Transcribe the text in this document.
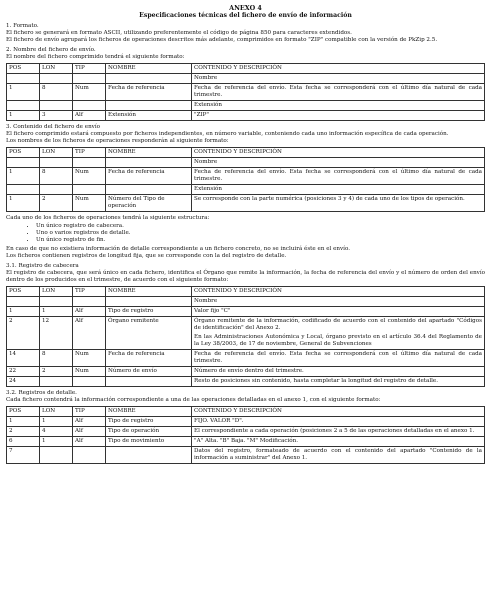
ANEXO 4
Especificaciones técnicas del fichero de envío de información

1. Formato.

El fichero se generará en formato ASCII, utilizando preferentemente el código de página 850 para caracteres extendidos.

El fichero de envío agrupará los ficheros de operaciones descritos más adelante, comprimidos en formato "ZIP" compatible con la versión de PkZip 2.5.

2. Nombre del fichero de envío.

El nombre del fichero comprimido tendrá el siguiente formato:

POS	LON	TIP	NOMBRE	CONTENIDO Y DESCRIPCIÓN
				Nombre
1	8	Num	Fecha de referencia	Fecha de referencia del envío. Esta fecha se corresponderá con el último día natural de cada trimestre.
				Extensión
1	3	Alf	Extensión	"ZIP"

3. Contenido del fichero de envío

El fichero comprimido estará compuesto por ficheros independientes, en número variable, conteniendo cada uno información específica de cada operación.

Los nombres de los ficheros de operaciones responderán al siguiente formato:

POS	LON	TIP	NOMBRE	CONTENIDO Y DESCRIPCIÓN
				Nombre
1	8	Num	Fecha de referencia	Fecha de referencia del envío. Esta fecha se corresponderá con el último día natural de cada trimestre.
				Extensión
1	2	Num	Número del Tipo de operación	Se corresponde con la parte numérica (posiciones 3 y 4) de cada uno de los tipos de operación.

Cada uno de los ficheros de operaciones tendrá la siguiente estructura:

• Un único registro de cabecera.
• Uno o varios registros de detalle.
• Un único registro de fin.

En caso de que no existiera información de detalle correspondiente a un fichero concreto, no se incluirá éste en el envío.

Los ficheros contienen registros de longitud fija, que se corresponde con la del registro de detalle.

3.1. Registro de cabecera

El registro de cabecera, que será único en cada fichero, identifica el Órgano que remite la información, la fecha de referencia del envío y el número de orden del envío dentro de los producidos en el trimestre, de acuerdo con el siguiente formato:

POS	LON	TIP	NOMBRE	CONTENIDO Y DESCRIPCIÓN
				Nombre
1	1	Alf	Tipo de registro	Valor fijo "C"
2	12	Alf	Órgano remitente	Órgano remitente de la información, codificado de acuerdo con el contenido del apartado "Códigos de identificación" del Anexo 2.

En las Administraciones Autonómica y Local, órgano previsto en el artículo 36.4 del Reglamento de la Ley 38/2003, de 17 de noviembre, General de Subvenciones

14	8	Num	Fecha de referencia	Fecha de referencia del envío. Esta fecha se corresponderá con el último día natural de cada trimestre.
22	2	Num	Número de envío	Número de envío dentro del trimestre.
24				Resto de posiciones sin contenido, hasta completar la longitud del registro de detalle.

3.2. Registros de detalle.

Cada fichero contendrá la información correspondiente a una de las operaciones detalladas en el anexo 1, con el siguiente formato:

POS	LON	TIP	NOMBRE	CONTENIDO Y DESCRIPCIÓN
1	1	Alf	Tipo de registro	FIJO. VALOR "D".
2	4	Alf	Tipo de operación	El correspondiente a cada operación (posiciones 2 a 5 de las operaciones detalladas en el anexo 1.
6	1	Alf	Tipo de movimiento	"A" Alta. "B" Baja. "M" Modificación.
7				Datos del registro, formateado de acuerdo con el contenido del apartado "Contenido de la información a suministrar" del Anexo 1.
